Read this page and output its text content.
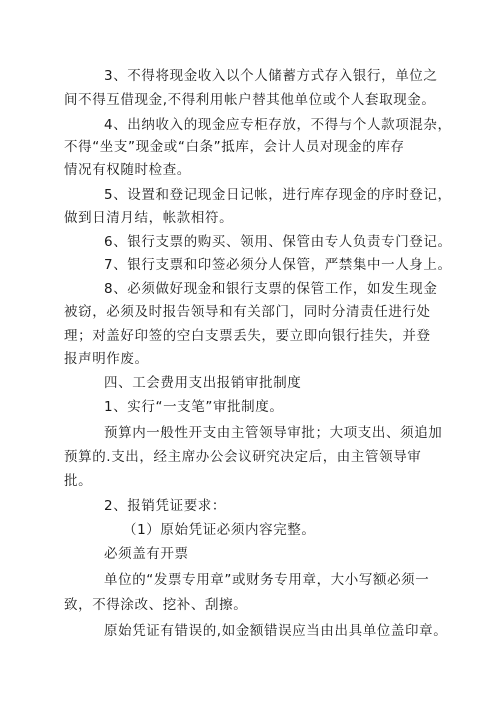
3、不得将现金收入以个人储蓄方式存入银行，单位之
间不得互借现金,不得利用帐户替其他单位或个人套取现金。
4、出纳收入的现金应专柜存放，不得与个人款项混杂，
不得“坐支”现金或“白条”抵库，会计人员对现金的库存
情况有权随时检查。
5、设置和登记现金日记帐，进行库存现金的序时登记，
做到日清月结，帐款相符。
6、银行支票的购买、领用、保管由专人负责专门登记。
7、银行支票和印签必须分人保管，严禁集中一人身上。
8、必须做好现金和银行支票的保管工作，如发生现金
被窃，必须及时报告领导和有关部门，同时分清责任进行处
理；对盖好印签的空白支票丢失，要立即向银行挂失，并登
报声明作废。
四、工会费用支出报销审批制度
1、实行“一支笔”审批制度。
预算内一般性开支由主管领导审批；大项支出、须追加
预算的.支出，经主席办公会议研究决定后，由主管领导审
批。
2、报销凭证要求：
（1）原始凭证必须内容完整。
必须盖有开票
单位的“发票专用章”或财务专用章，大小写额必须一
致，不得涂改、挖补、刮擦。
原始凭证有错误的,如金额错误应当由出具单位盖印章。
